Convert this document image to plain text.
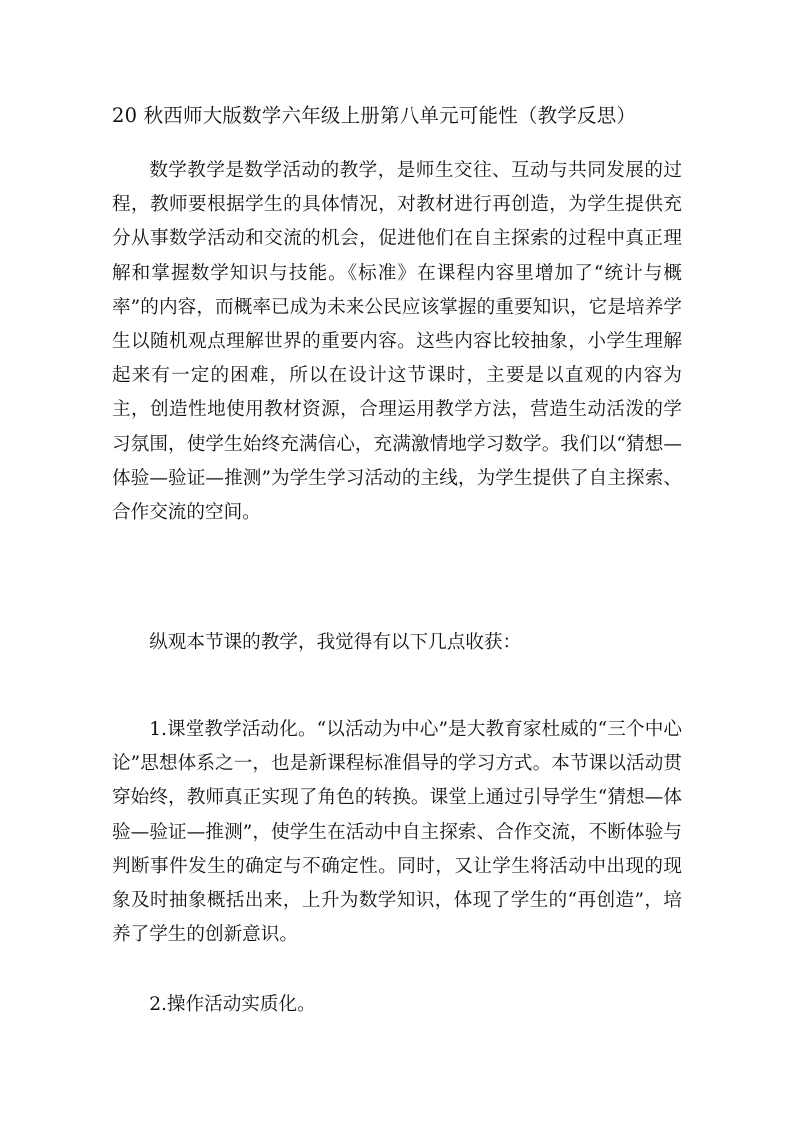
20 秋西师大版数学六年级上册第八单元可能性（教学反思）

数学教学是数学活动的教学，是师生交往、互动与共同发展的过程，教师要根据学生的具体情况，对教材进行再创造，为学生提供充分从事数学活动和交流的机会，促进他们在自主探索的过程中真正理解和掌握数学知识与技能。《标准》在课程内容里增加了“统计与概率”的内容，而概率已成为未来公民应该掌握的重要知识，它是培养学生以随机观点理解世界的重要内容。这些内容比较抽象，小学生理解起来有一定的困难，所以在设计这节课时，主要是以直观的内容为主，创造性地使用教材资源，合理运用教学方法，营造生动活泼的学习氛围，使学生始终充满信心，充满激情地学习数学。我们以“猜想—体验—验证—推测”为学生学习活动的主线，为学生提供了自主探索、合作交流的空间。

纵观本节课的教学，我觉得有以下几点收获：

1.课堂教学活动化。“以活动为中心”是大教育家杜威的“三个中心论”思想体系之一，也是新课程标准倡导的学习方式。本节课以活动贯穿始终，教师真正实现了角色的转换。课堂上通过引导学生“猜想—体验—验证—推测”，使学生在活动中自主探索、合作交流，不断体验与判断事件发生的确定与不确定性。同时，又让学生将活动中出现的现象及时抽象概括出来，上升为数学知识，体现了学生的“再创造”，培养了学生的创新意识。

2.操作活动实质化。
